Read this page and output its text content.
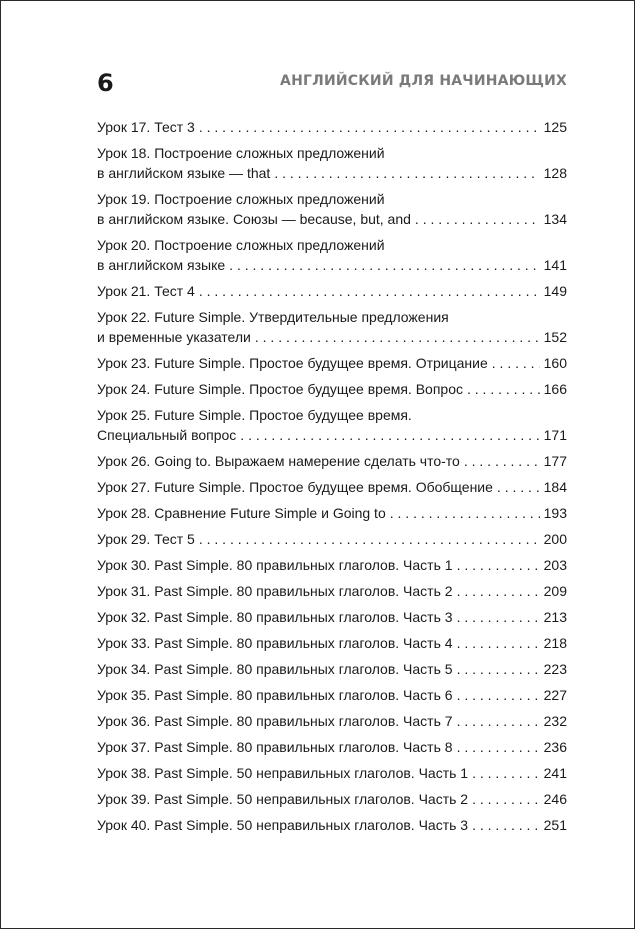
6	АНГЛИЙСКИЙ ДЛЯ НАЧИНАЮЩИХ
Урок 17. Тест 3 . . .	125
Урок 18. Построение сложных предложений
в английском языке — that . . .	128
Урок 19. Построение сложных предложений
в английском языке. Союзы — because, but, and . . .	134
Урок 20. Построение сложных предложений
в английском языке . . .	141
Урок 21. Тест 4 . . .	149
Урок 22. Future Simple. Утвердительные предложения
и временные указатели . . .	152
Урок 23. Future Simple. Простое будущее время. Отрицание . . .	160
Урок 24. Future Simple. Простое будущее время. Вопрос . . .	166
Урок 25. Future Simple. Простое будущее время.
Специальный вопрос . . .	171
Урок 26. Going to. Выражаем намерение сделать что-то . . .	177
Урок 27. Future Simple. Простое будущее время. Обобщение . . .	184
Урок 28. Сравнение Future Simple и Going to . . .	193
Урок 29. Тест 5 . . .	200
Урок 30. Past Simple. 80 правильных глаголов. Часть 1 . . .	203
Урок 31. Past Simple. 80 правильных глаголов. Часть 2 . . .	209
Урок 32. Past Simple. 80 правильных глаголов. Часть 3 . . .	213
Урок 33. Past Simple. 80 правильных глаголов. Часть 4 . . .	218
Урок 34. Past Simple. 80 правильных глаголов. Часть 5 . . .	223
Урок 35. Past Simple. 80 правильных глаголов. Часть 6 . . .	227
Урок 36. Past Simple. 80 правильных глаголов. Часть 7 . . .	232
Урок 37. Past Simple. 80 правильных глаголов. Часть 8 . . .	236
Урок 38. Past Simple. 50 неправильных глаголов. Часть 1 . . .	241
Урок 39. Past Simple. 50 неправильных глаголов. Часть 2 . . .	246
Урок 40. Past Simple. 50 неправильных глаголов. Часть 3 . . .	251
